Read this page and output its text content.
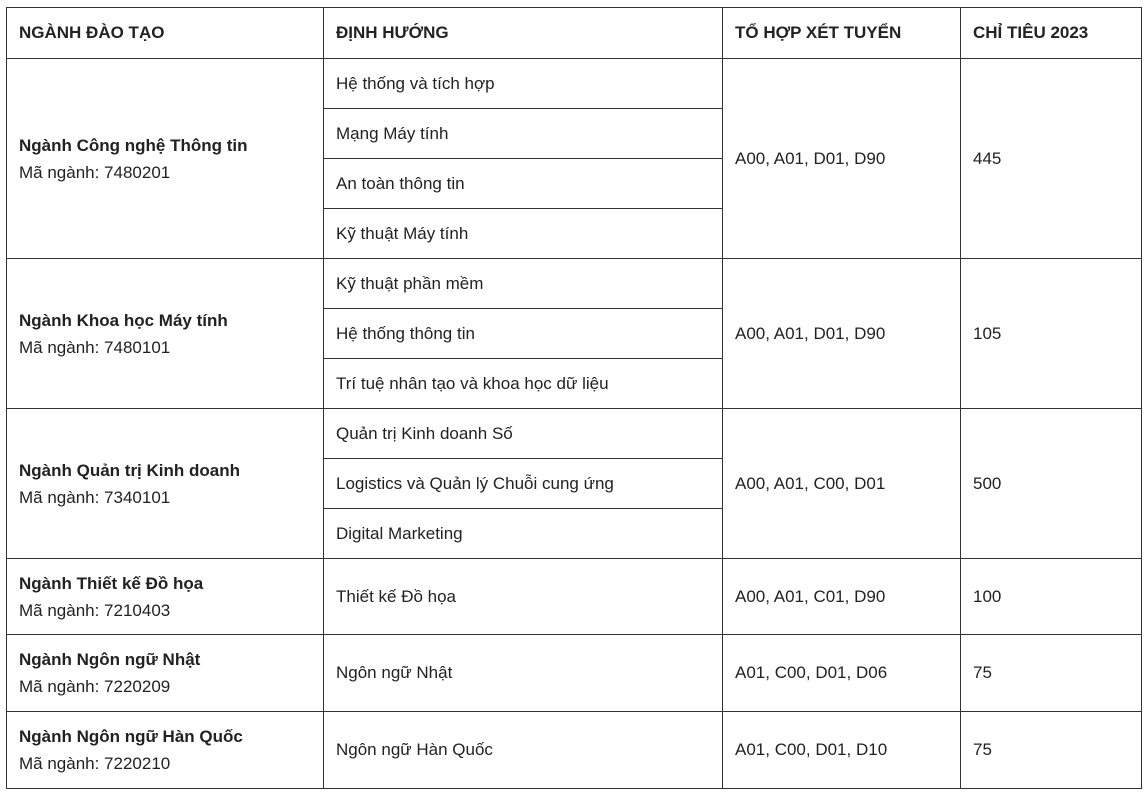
NGÀNH ĐÀO TẠO	ĐỊNH HƯỚNG	TỔ HỢP XÉT TUYỂN	CHỈ TIÊU 2023

Ngành Công nghệ Thông tin
Mã ngành: 7480201	Hệ thống và tích hợp	A00, A01, D01, D90	445
	Mạng Máy tính		
	An toàn thông tin		
	Kỹ thuật Máy tính		

Ngành Khoa học Máy tính
Mã ngành: 7480101	Kỹ thuật phần mềm	A00, A01, D01, D90	105
	Hệ thống thông tin		
	Trí tuệ nhân tạo và khoa học dữ liệu		

Ngành Quản trị Kinh doanh
Mã ngành: 7340101	Quản trị Kinh doanh Số	A00, A01, C00, D01	500
	Logistics và Quản lý Chuỗi cung ứng		
	Digital Marketing		

Ngành Thiết kế Đồ họa
Mã ngành: 7210403	Thiết kế Đồ họa	A00, A01, C01, D90	100

Ngành Ngôn ngữ Nhật
Mã ngành: 7220209	Ngôn ngữ Nhật	A01, C00, D01, D06	75

Ngành Ngôn ngữ Hàn Quốc
Mã ngành: 7220210	Ngôn ngữ Hàn Quốc	A01, C00, D01, D10	75
